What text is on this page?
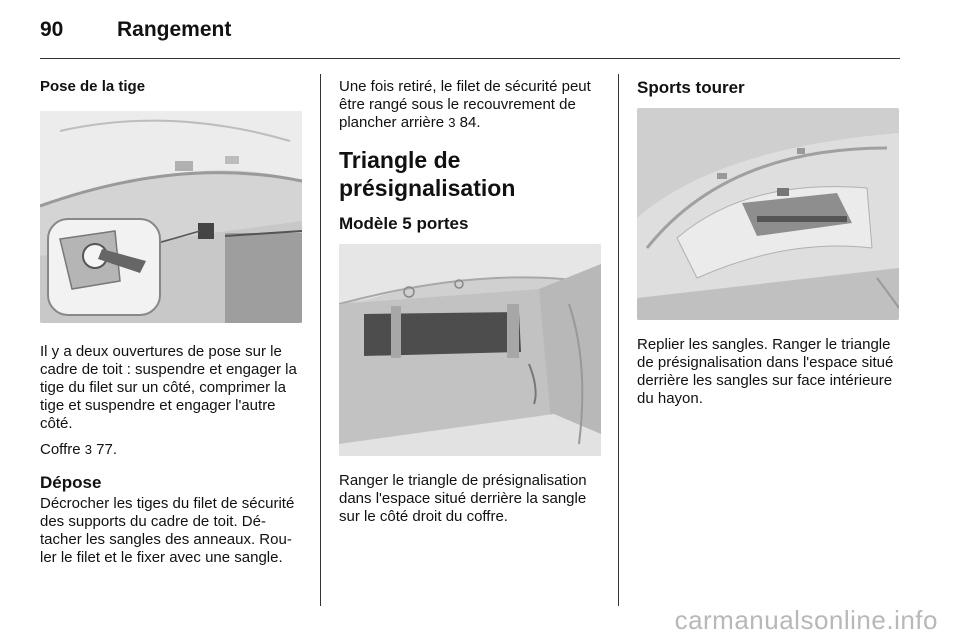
90	Rangement

Pose de la tige

Il y a deux ouvertures de pose sur le cadre de toit : suspendre et engager la tige du filet sur un côté, comprimer la tige et suspendre et engager l'autre côté.

Coffre 3 77.

Dépose

Décrocher les tiges du filet de sécurité des supports du cadre de toit. Détacher les sangles des anneaux. Rouler le filet et le fixer avec une sangle.

Une fois retiré, le filet de sécurité peut être rangé sous le recouvrement de plancher arrière 3 84.

Triangle de présignalisation

Modèle 5 portes

Ranger le triangle de présignalisation dans l'espace situé derrière la sangle sur le côté droit du coffre.

Sports tourer

Replier les sangles. Ranger le triangle de présignalisation dans l'espace situé derrière les sangles sur face intérieure du hayon.

carmanualsonline.info
